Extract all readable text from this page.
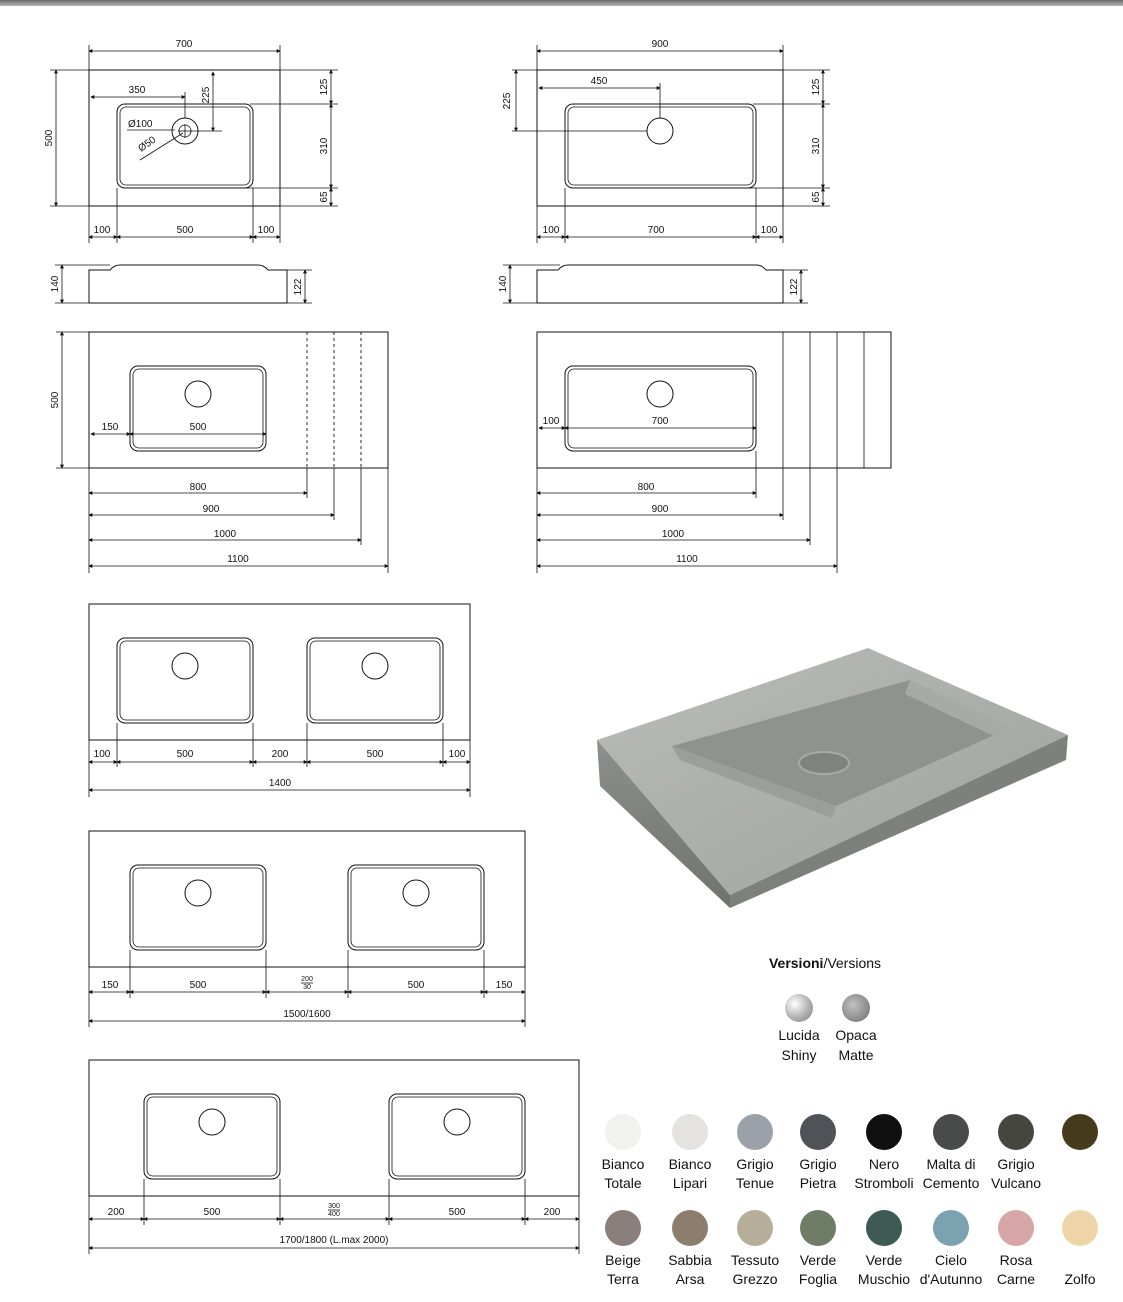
700
350	225
Ø100
Ø50
500
125
310
65
100	500	100
900
450
225
125
310
65
100	700	100
140	122	140	122
500
150	500
800
900
1000
1100
100	700
800
900
1000
1100
100	500	200	500	100
1400
150	500
200
30	500	150
1500/1600
200	500
300
400	500	200
1700/1800 (L.max 2000)
Versioni/Versions
Lucida
Shiny
Opaca
Matte
Bianco
Totale
Bianco
Lipari
Grigio
Tenue
Grigio
Pietra
Nero
Stromboli
Malta di
Cemento
Grigio
Vulcano
Beige
Terra
Sabbia
Arsa
Tessuto
Grezzo
Verde
Foglia
Verde
Muschio
Cielo
d'Autunno
Rosa
Carne	Zolfo
